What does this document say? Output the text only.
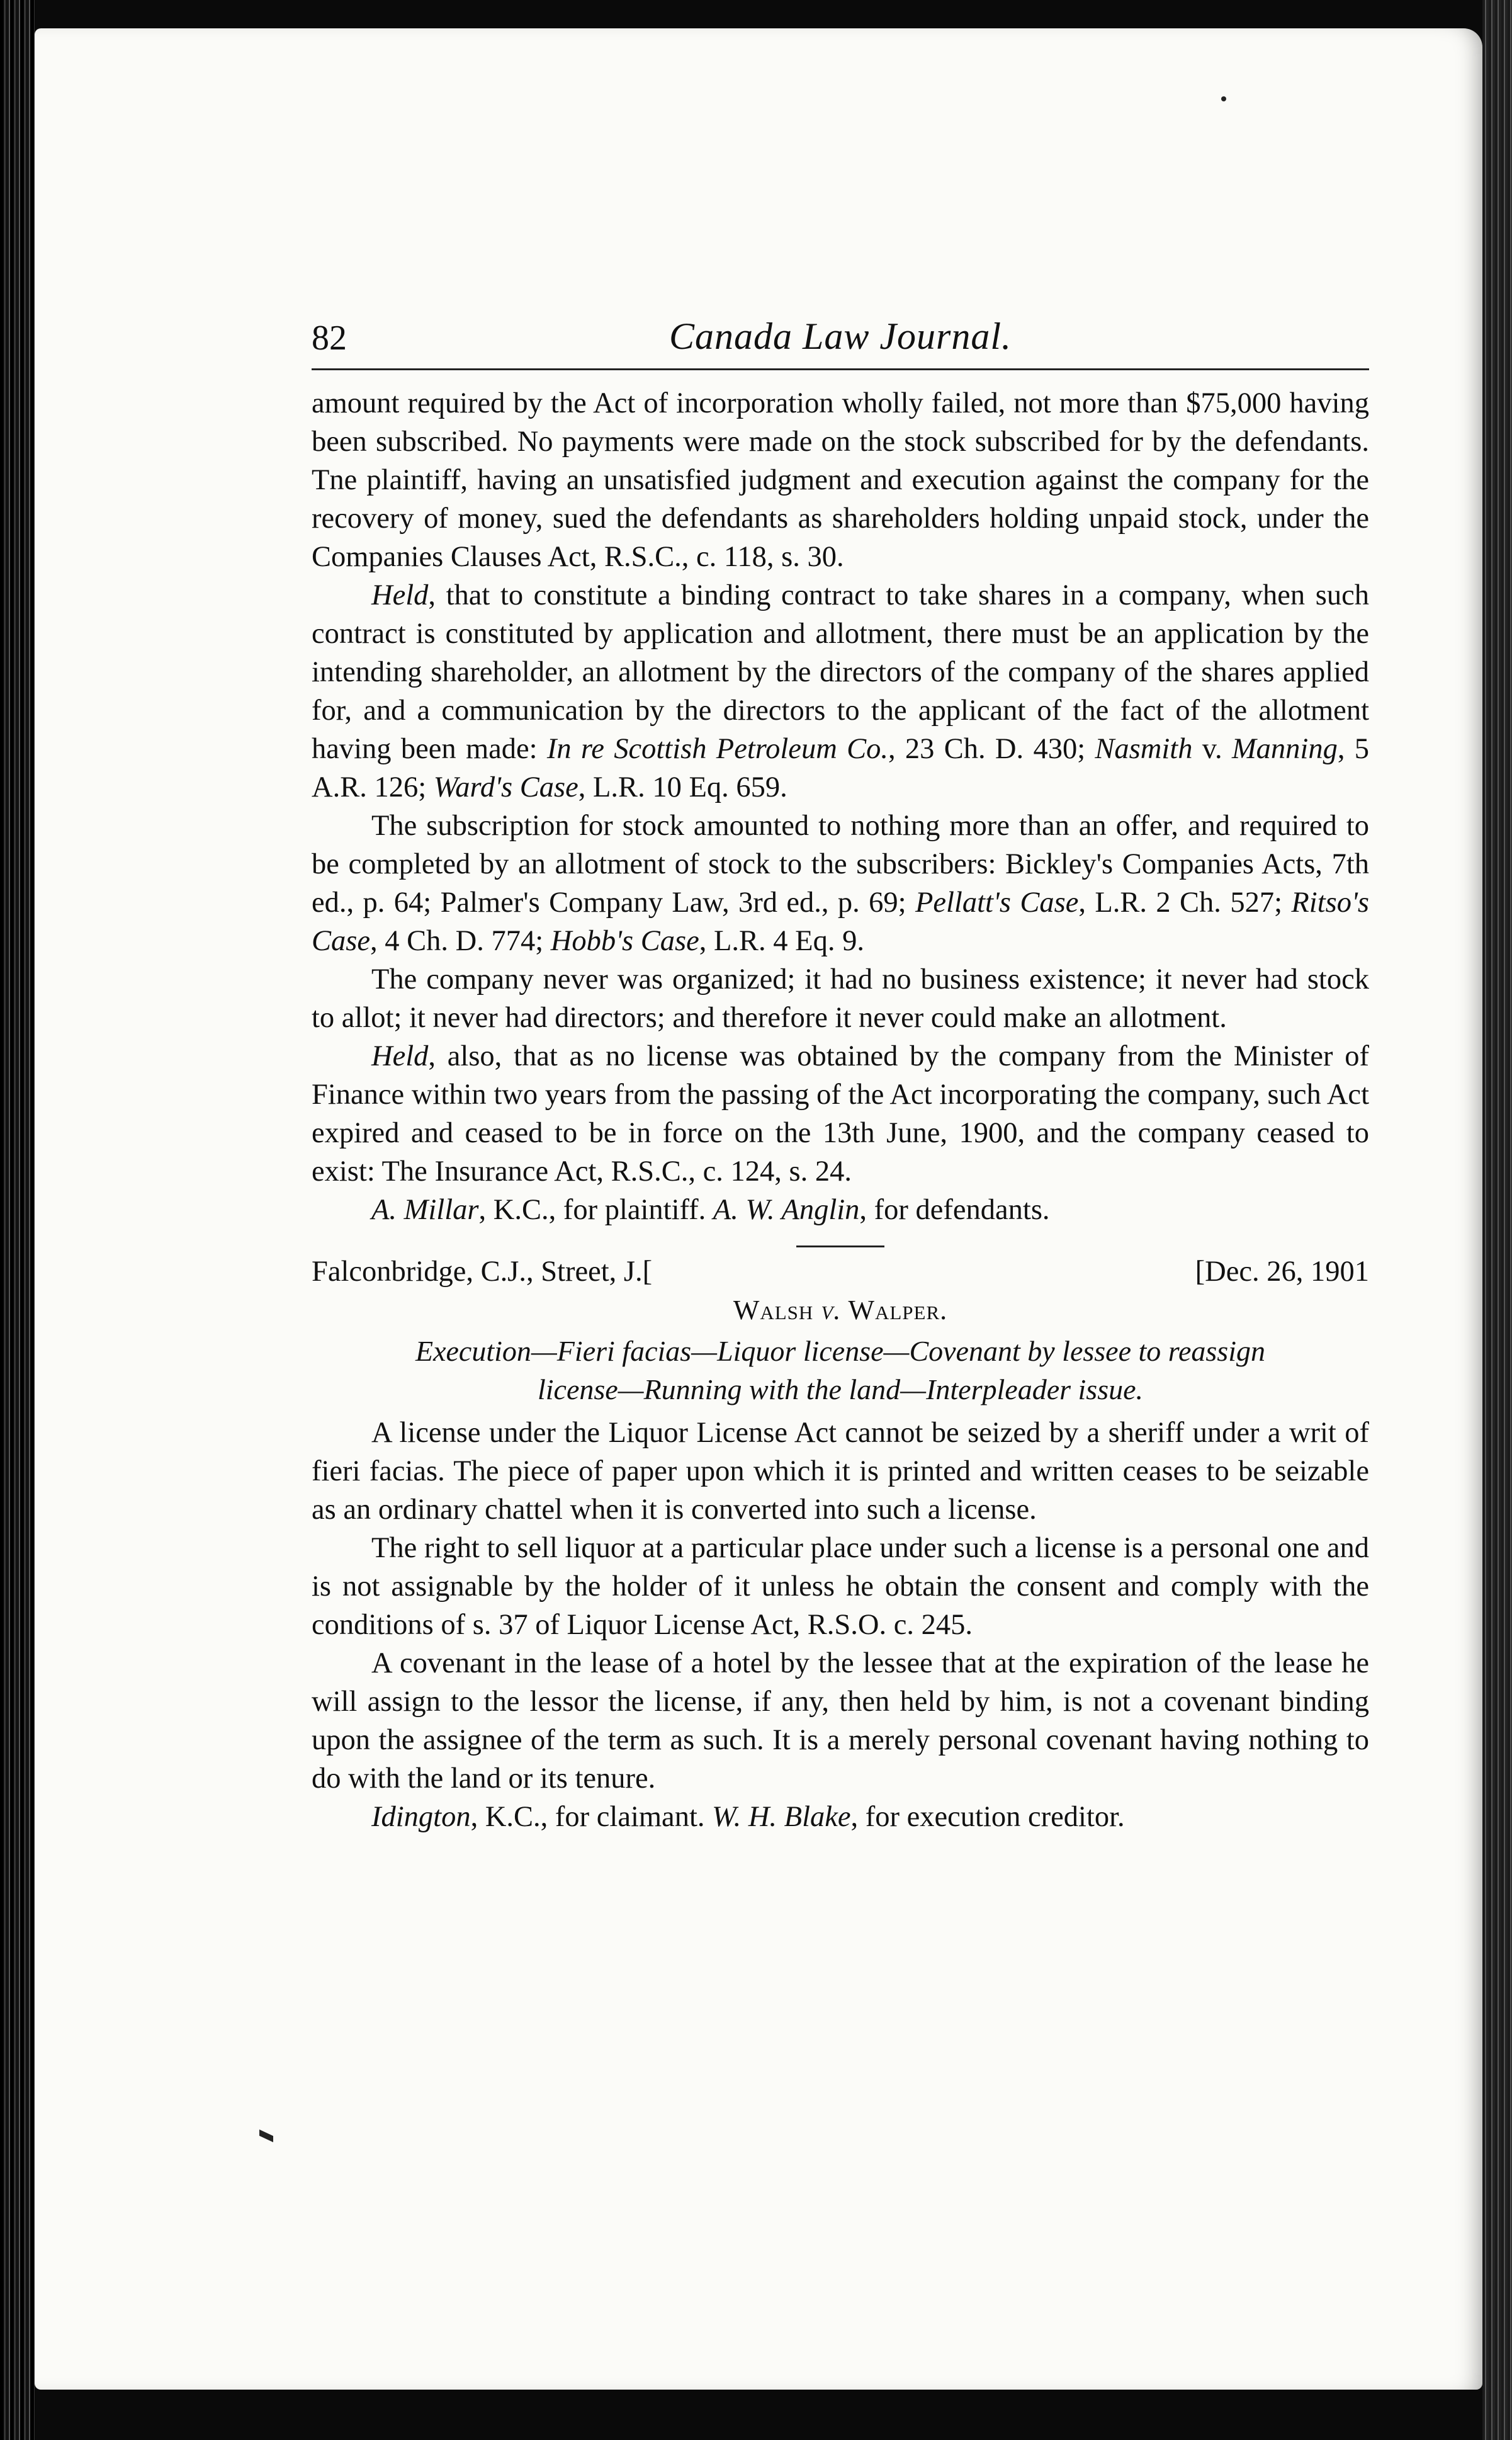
82	Canada Law Journal.

amount required by the Act of incorporation wholly failed, not more than $75,000 having been subscribed. No payments were made on the stock subscribed for by the defendants. Tne plaintiff, having an unsatisfied judgment and execution against the company for the recovery of money, sued the defendants as shareholders holding unpaid stock, under the Companies Clauses Act, R.S.C., c. 118, s. 30.

Held, that to constitute a binding contract to take shares in a company, when such contract is constituted by application and allotment, there must be an application by the intending shareholder, an allotment by the directors of the company of the shares applied for, and a communication by the directors to the applicant of the fact of the allotment having been made: In re Scottish Petroleum Co., 23 Ch. D. 430; Nasmith v. Manning, 5 A.R. 126; Ward's Case, L.R. 10 Eq. 659.

The subscription for stock amounted to nothing more than an offer, and required to be completed by an allotment of stock to the subscribers: Bickley's Companies Acts, 7th ed., p. 64; Palmer's Company Law, 3rd ed., p. 69; Pellatt's Case, L.R. 2 Ch. 527; Ritso's Case, 4 Ch. D. 774; Hobb's Case, L.R. 4 Eq. 9.

The company never was organized; it had no business existence; it never had stock to allot; it never had directors; and therefore it never could make an allotment.

Held, also, that as no license was obtained by the company from the Minister of Finance within two years from the passing of the Act incorporating the company, such Act expired and ceased to be in force on the 13th June, 1900, and the company ceased to exist: The Insurance Act, R.S.C., c. 124, s. 24.

A. Millar, K.C., for plaintiff. A. W. Anglin, for defendants.

Falconbridge, C.J., Street, J.[	[Dec. 26, 1901

Walsh v. Walper.

Execution—Fieri facias—Liquor license—Covenant by lessee to reassign
license—Running with the land—Interpleader issue.

A license under the Liquor License Act cannot be seized by a sheriff under a writ of fieri facias. The piece of paper upon which it is printed and written ceases to be seizable as an ordinary chattel when it is converted into such a license.

The right to sell liquor at a particular place under such a license is a personal one and is not assignable by the holder of it unless he obtain the consent and comply with the conditions of s. 37 of Liquor License Act, R.S.O. c. 245.

A covenant in the lease of a hotel by the lessee that at the expiration of the lease he will assign to the lessor the license, if any, then held by him, is not a covenant binding upon the assignee of the term as such. It is a merely personal covenant having nothing to do with the land or its tenure.

Idington, K.C., for claimant. W. H. Blake, for execution creditor.
